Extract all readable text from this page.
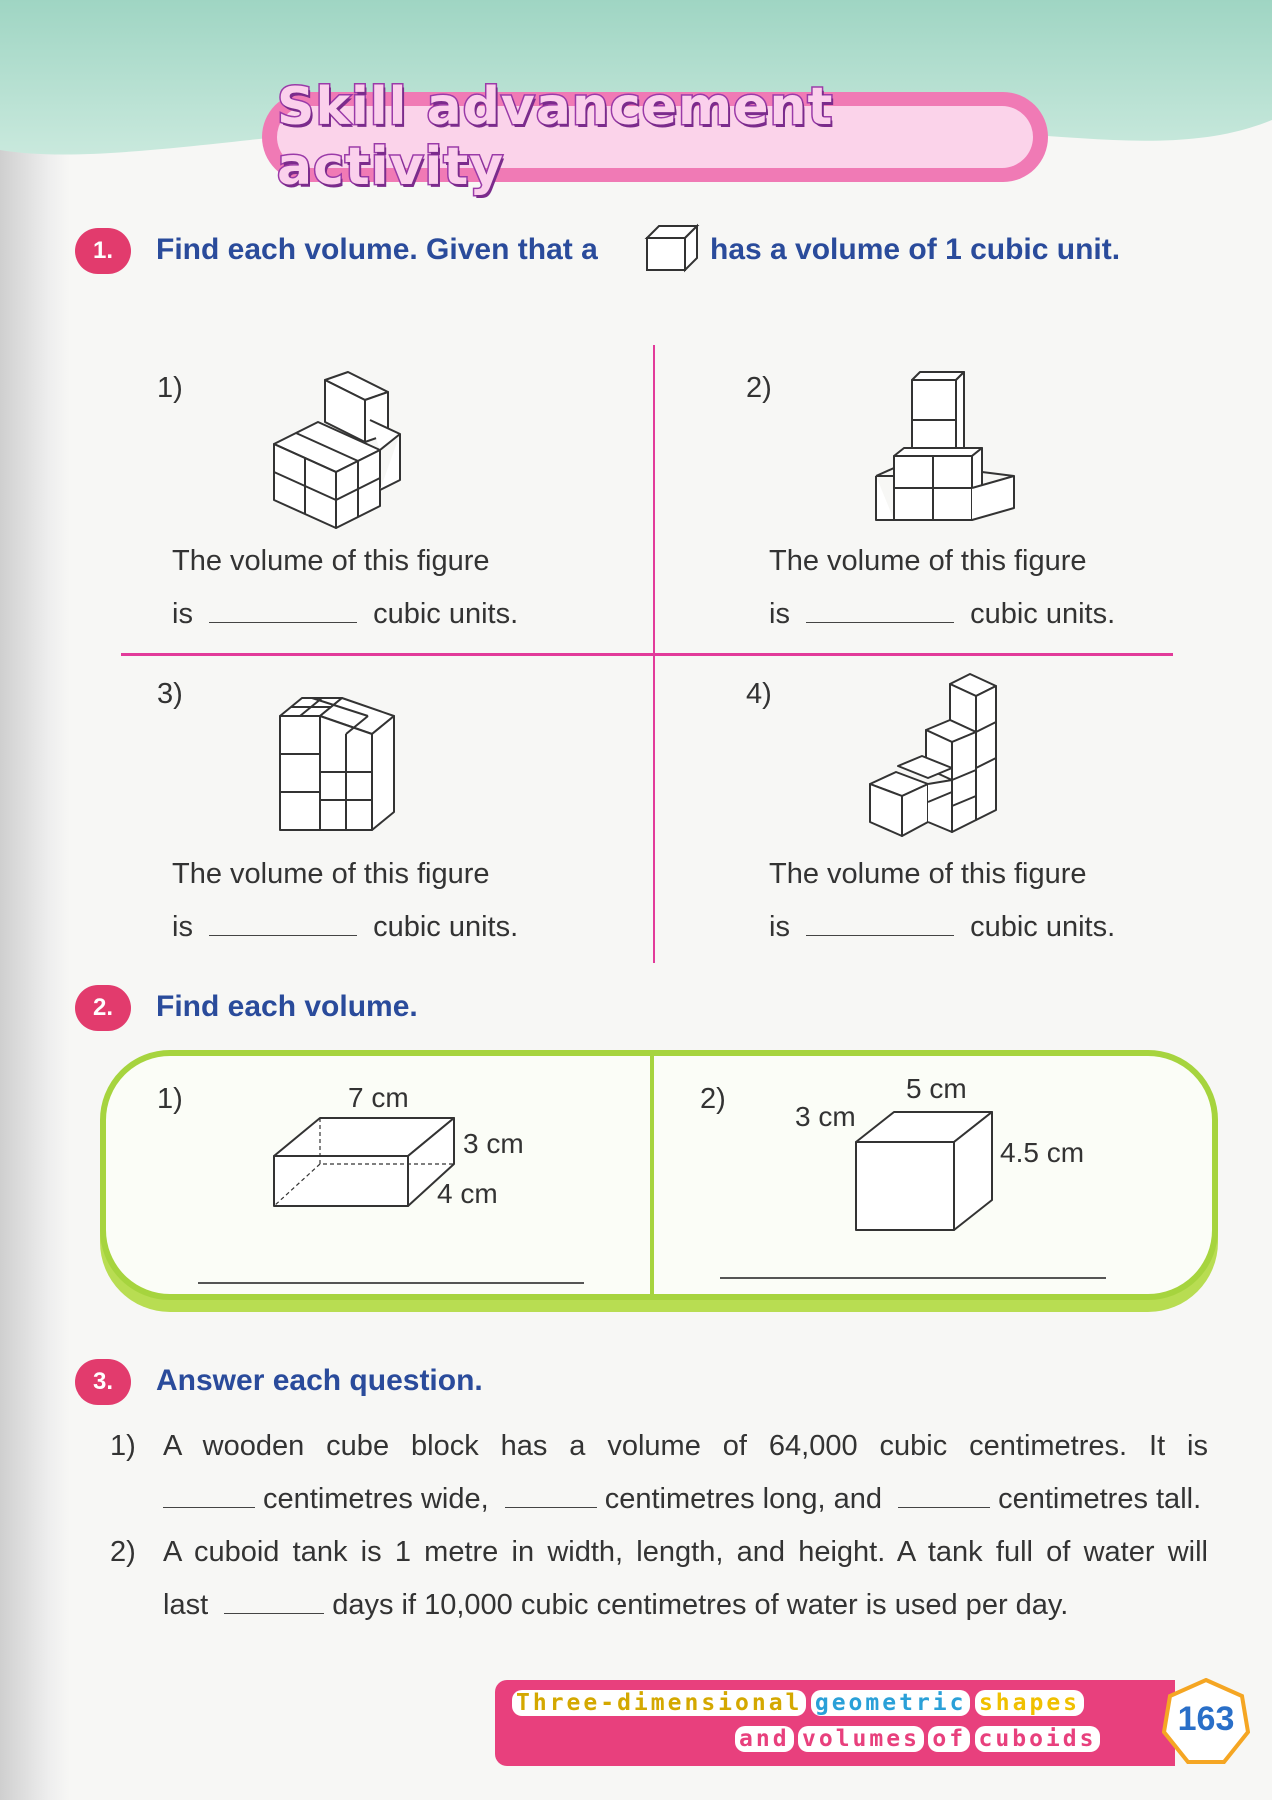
Skill advancement activity
1.	Find each volume. Given that a	has a volume of 1 cubic unit.
1)
The volume of this figure
is	cubic units.
2)
The volume of this figure
is	cubic units.
3)
The volume of this figure
is	cubic units.
4)
The volume of this figure
is	cubic units.
2.	Find each volume.
1)	7 cm
3 cm
4 cm
2)	5 cm
3 cm
4.5 cm
3.	Answer each question.
1) A wooden cube block has a volume of 64,000 cubic centimetres. It is
centimetres wide,	centimetres long, and	centimetres tall.
2) A cuboid tank is 1 metre in width, length, and height. A tank full of water will
last	days if 10,000 cubic centimetres of water is used per day.
Three-dimensional geometric shapes
and volumes of cuboids
163
